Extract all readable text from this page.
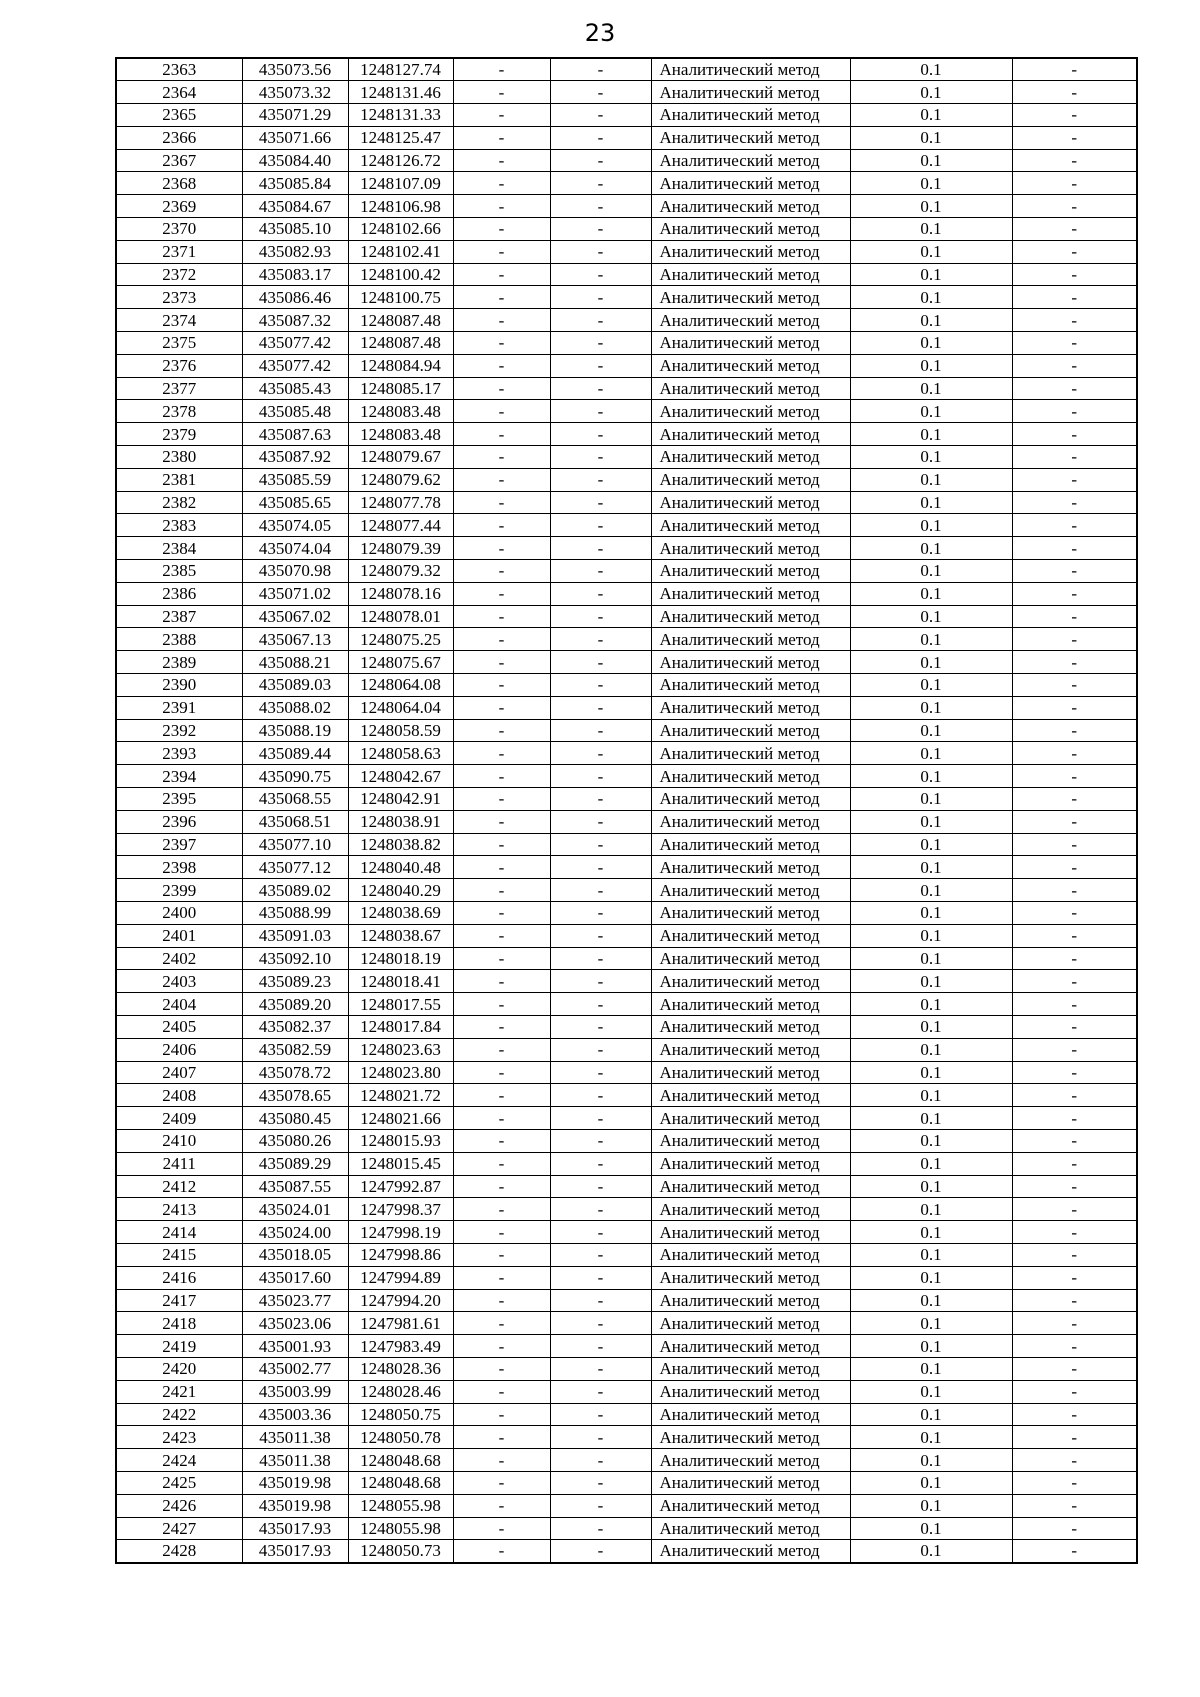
23
2363	435073.56	1248127.74	-	-	Аналитический метод	0.1	-
2364	435073.32	1248131.46	-	-	Аналитический метод	0.1	-
2365	435071.29	1248131.33	-	-	Аналитический метод	0.1	-
2366	435071.66	1248125.47	-	-	Аналитический метод	0.1	-
2367	435084.40	1248126.72	-	-	Аналитический метод	0.1	-
2368	435085.84	1248107.09	-	-	Аналитический метод	0.1	-
2369	435084.67	1248106.98	-	-	Аналитический метод	0.1	-
2370	435085.10	1248102.66	-	-	Аналитический метод	0.1	-
2371	435082.93	1248102.41	-	-	Аналитический метод	0.1	-
2372	435083.17	1248100.42	-	-	Аналитический метод	0.1	-
2373	435086.46	1248100.75	-	-	Аналитический метод	0.1	-
2374	435087.32	1248087.48	-	-	Аналитический метод	0.1	-
2375	435077.42	1248087.48	-	-	Аналитический метод	0.1	-
2376	435077.42	1248084.94	-	-	Аналитический метод	0.1	-
2377	435085.43	1248085.17	-	-	Аналитический метод	0.1	-
2378	435085.48	1248083.48	-	-	Аналитический метод	0.1	-
2379	435087.63	1248083.48	-	-	Аналитический метод	0.1	-
2380	435087.92	1248079.67	-	-	Аналитический метод	0.1	-
2381	435085.59	1248079.62	-	-	Аналитический метод	0.1	-
2382	435085.65	1248077.78	-	-	Аналитический метод	0.1	-
2383	435074.05	1248077.44	-	-	Аналитический метод	0.1	-
2384	435074.04	1248079.39	-	-	Аналитический метод	0.1	-
2385	435070.98	1248079.32	-	-	Аналитический метод	0.1	-
2386	435071.02	1248078.16	-	-	Аналитический метод	0.1	-
2387	435067.02	1248078.01	-	-	Аналитический метод	0.1	-
2388	435067.13	1248075.25	-	-	Аналитический метод	0.1	-
2389	435088.21	1248075.67	-	-	Аналитический метод	0.1	-
2390	435089.03	1248064.08	-	-	Аналитический метод	0.1	-
2391	435088.02	1248064.04	-	-	Аналитический метод	0.1	-
2392	435088.19	1248058.59	-	-	Аналитический метод	0.1	-
2393	435089.44	1248058.63	-	-	Аналитический метод	0.1	-
2394	435090.75	1248042.67	-	-	Аналитический метод	0.1	-
2395	435068.55	1248042.91	-	-	Аналитический метод	0.1	-
2396	435068.51	1248038.91	-	-	Аналитический метод	0.1	-
2397	435077.10	1248038.82	-	-	Аналитический метод	0.1	-
2398	435077.12	1248040.48	-	-	Аналитический метод	0.1	-
2399	435089.02	1248040.29	-	-	Аналитический метод	0.1	-
2400	435088.99	1248038.69	-	-	Аналитический метод	0.1	-
2401	435091.03	1248038.67	-	-	Аналитический метод	0.1	-
2402	435092.10	1248018.19	-	-	Аналитический метод	0.1	-
2403	435089.23	1248018.41	-	-	Аналитический метод	0.1	-
2404	435089.20	1248017.55	-	-	Аналитический метод	0.1	-
2405	435082.37	1248017.84	-	-	Аналитический метод	0.1	-
2406	435082.59	1248023.63	-	-	Аналитический метод	0.1	-
2407	435078.72	1248023.80	-	-	Аналитический метод	0.1	-
2408	435078.65	1248021.72	-	-	Аналитический метод	0.1	-
2409	435080.45	1248021.66	-	-	Аналитический метод	0.1	-
2410	435080.26	1248015.93	-	-	Аналитический метод	0.1	-
2411	435089.29	1248015.45	-	-	Аналитический метод	0.1	-
2412	435087.55	1247992.87	-	-	Аналитический метод	0.1	-
2413	435024.01	1247998.37	-	-	Аналитический метод	0.1	-
2414	435024.00	1247998.19	-	-	Аналитический метод	0.1	-
2415	435018.05	1247998.86	-	-	Аналитический метод	0.1	-
2416	435017.60	1247994.89	-	-	Аналитический метод	0.1	-
2417	435023.77	1247994.20	-	-	Аналитический метод	0.1	-
2418	435023.06	1247981.61	-	-	Аналитический метод	0.1	-
2419	435001.93	1247983.49	-	-	Аналитический метод	0.1	-
2420	435002.77	1248028.36	-	-	Аналитический метод	0.1	-
2421	435003.99	1248028.46	-	-	Аналитический метод	0.1	-
2422	435003.36	1248050.75	-	-	Аналитический метод	0.1	-
2423	435011.38	1248050.78	-	-	Аналитический метод	0.1	-
2424	435011.38	1248048.68	-	-	Аналитический метод	0.1	-
2425	435019.98	1248048.68	-	-	Аналитический метод	0.1	-
2426	435019.98	1248055.98	-	-	Аналитический метод	0.1	-
2427	435017.93	1248055.98	-	-	Аналитический метод	0.1	-
2428	435017.93	1248050.73	-	-	Аналитический метод	0.1	-
